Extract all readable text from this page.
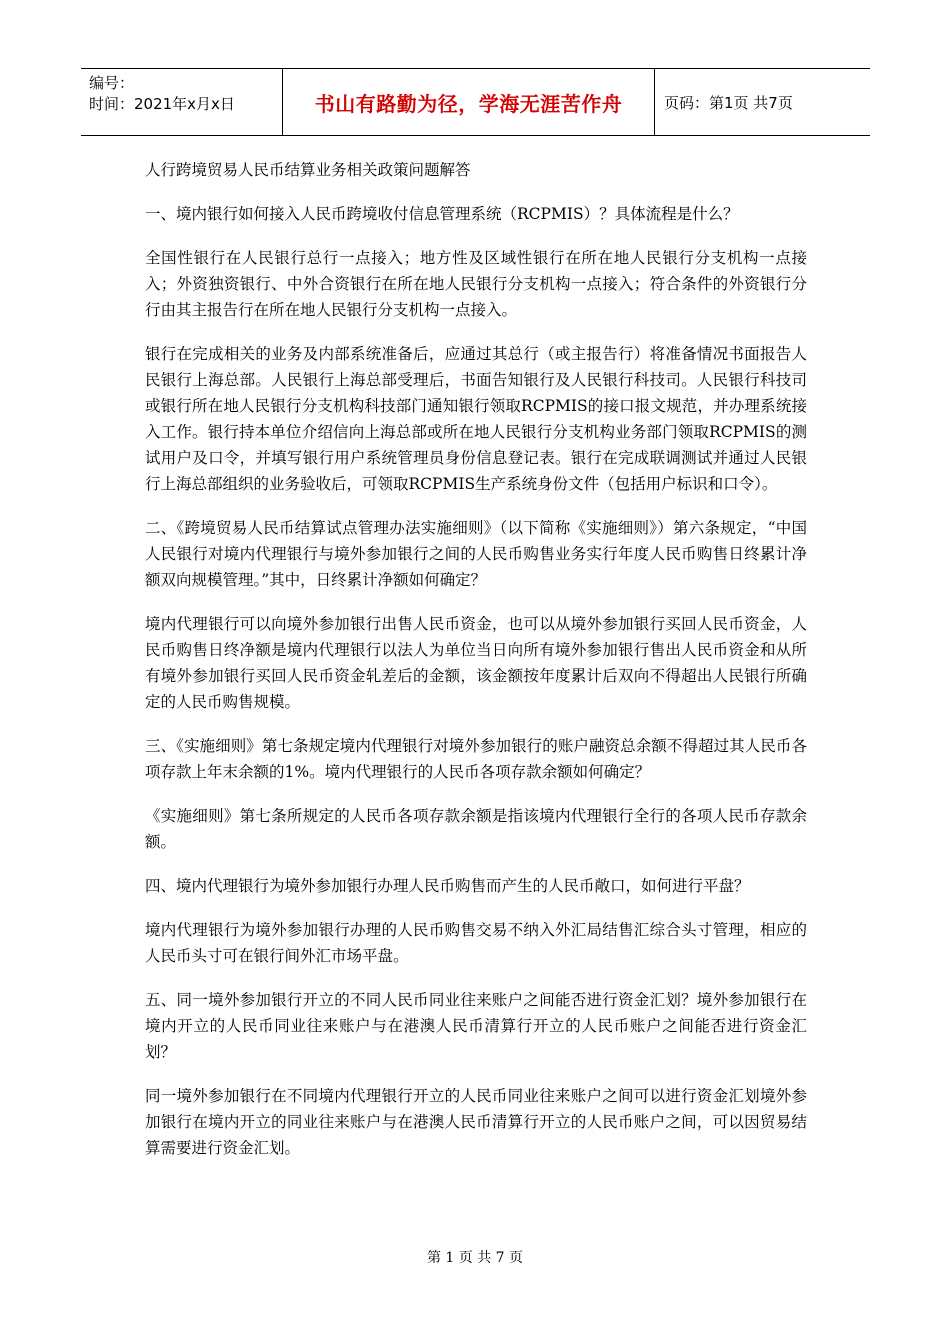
编号：
时间：2021年x月x日	书山有路勤为径，学海无涯苦作舟	页码：第1页 共7页

人行跨境贸易人民币结算业务相关政策问题解答

一、境内银行如何接入人民币跨境收付信息管理系统（RCPMIS）？具体流程是什么？

全国性银行在人民银行总行一点接入；地方性及区域性银行在所在地人民银行分支机构一点接入；外资独资银行、中外合资银行在所在地人民银行分支机构一点接入；符合条件的外资银行分行由其主报告行在所在地人民银行分支机构一点接入。

银行在完成相关的业务及内部系统准备后，应通过其总行（或主报告行）将准备情况书面报告人民银行上海总部。人民银行上海总部受理后，书面告知银行及人民银行科技司。人民银行科技司或银行所在地人民银行分支机构科技部门通知银行领取RCPMIS的接口报文规范，并办理系统接入工作。银行持本单位介绍信向上海总部或所在地人民银行分支机构业务部门领取RCPMIS的测试用户及口令，并填写银行用户系统管理员身份信息登记表。银行在完成联调测试并通过人民银行上海总部组织的业务验收后，可领取RCPMIS生产系统身份文件（包括用户标识和口令）。

二、《跨境贸易人民币结算试点管理办法实施细则》（以下简称《实施细则》）第六条规定，“中国人民银行对境内代理银行与境外参加银行之间的人民币购售业务实行年度人民币购售日终累计净额双向规模管理。”其中，日终累计净额如何确定？

境内代理银行可以向境外参加银行出售人民币资金，也可以从境外参加银行买回人民币资金，人民币购售日终净额是境内代理银行以法人为单位当日向所有境外参加银行售出人民币资金和从所有境外参加银行买回人民币资金轧差后的金额，该金额按年度累计后双向不得超出人民银行所确定的人民币购售规模。

三、《实施细则》第七条规定境内代理银行对境外参加银行的账户融资总余额不得超过其人民币各项存款上年末余额的1%。境内代理银行的人民币各项存款余额如何确定？

《实施细则》第七条所规定的人民币各项存款余额是指该境内代理银行全行的各项人民币存款余额。

四、境内代理银行为境外参加银行办理人民币购售而产生的人民币敞口，如何进行平盘？

境内代理银行为境外参加银行办理的人民币购售交易不纳入外汇局结售汇综合头寸管理，相应的人民币头寸可在银行间外汇市场平盘。

五、同一境外参加银行开立的不同人民币同业往来账户之间能否进行资金汇划？境外参加银行在境内开立的人民币同业往来账户与在港澳人民币清算行开立的人民币账户之间能否进行资金汇划？

同一境外参加银行在不同境内代理银行开立的人民币同业往来账户之间可以进行资金汇划境外参加银行在境内开立的同业往来账户与在港澳人民币清算行开立的人民币账户之间，可以因贸易结算需要进行资金汇划。

第 1 页 共 7 页
